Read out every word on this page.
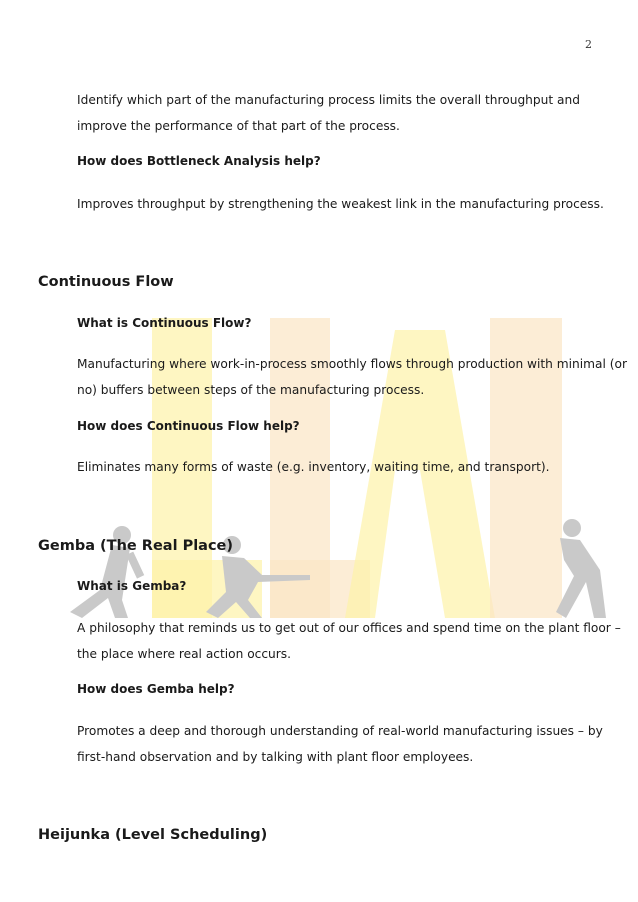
2
Identify which part of the manufacturing process limits the overall throughput and
improve the performance of that part of the process.
How does Bottleneck Analysis help?
Improves throughput by strengthening the weakest link in the manufacturing process.
Continuous Flow
What is Continuous Flow?
Manufacturing where work-in-process smoothly flows through production with minimal (or
no) buffers between steps of the manufacturing process.
How does Continuous Flow help?
Eliminates many forms of waste (e.g. inventory, waiting time, and transport).
Gemba (The Real Place)
What is Gemba?
A philosophy that reminds us to get out of our offices and spend time on the plant floor –
the place where real action occurs.
How does Gemba help?
Promotes a deep and thorough understanding of real-world manufacturing issues – by
first-hand observation and by talking with plant floor employees.
Heijunka (Level Scheduling)
